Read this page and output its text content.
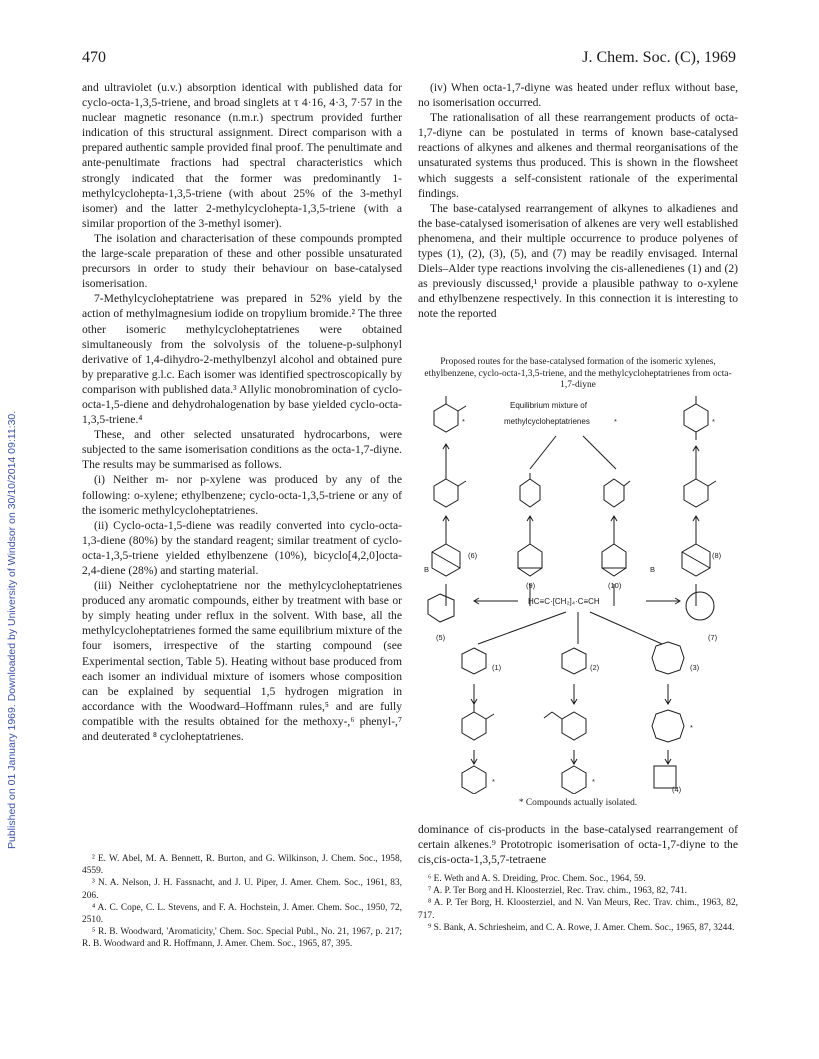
Published on 01 January 1969. Downloaded by University of Windsor on 30/10/2014 09:11:30.
470	J. Chem. Soc. (C), 1969

and ultraviolet (u.v.) absorption identical with published data for cyclo-octa-1,3,5-triene, and broad singlets at τ 4·16, 4·3, 7·57 in the nuclear magnetic resonance (n.m.r.) spectrum provided further indication of this structural assignment. Direct comparison with a prepared authentic sample provided final proof. The penultimate and ante-penultimate fractions had spectral characteristics which strongly indicated that the former was predominantly 1-methylcyclohepta-1,3,5-triene (with about 25% of the 3-methyl isomer) and the latter 2-methylcyclohepta-1,3,5-triene (with a similar proportion of the 3-methyl isomer).

The isolation and characterisation of these compounds prompted the large-scale preparation of these and other possible unsaturated precursors in order to study their behaviour on base-catalysed isomerisation.

7-Methylcycloheptatriene was prepared in 52% yield by the action of methylmagnesium iodide on tropylium bromide.² The three other isomeric methylcycloheptatrienes were obtained simultaneously from the solvolysis of the toluene-p-sulphonyl derivative of 1,4-dihydro-2-methylbenzyl alcohol and obtained pure by preparative g.l.c. Each isomer was identified spectroscopically by comparison with published data.³ Allylic monobromination of cyclo-octa-1,5-diene and dehydrohalogenation by base yielded cyclo-octa-1,3,5-triene.⁴

These, and other selected unsaturated hydrocarbons, were subjected to the same isomerisation conditions as the octa-1,7-diyne. The results may be summarised as follows.

(i) Neither m- nor p-xylene was produced by any of the following: o-xylene; ethylbenzene; cyclo-octa-1,3,5-triene or any of the isomeric methylcycloheptatrienes.

(ii) Cyclo-octa-1,5-diene was readily converted into cyclo-octa-1,3-diene (80%) by the standard reagent; similar treatment of cyclo-octa-1,3,5-triene yielded ethylbenzene (10%), bicyclo[4,2,0]octa-2,4-diene (28%) and starting material.

(iii) Neither cycloheptatriene nor the methylcycloheptatrienes produced any aromatic compounds, either by treatment with base or by simply heating under reflux in the solvent. With base, all the methylcycloheptatrienes formed the same equilibrium mixture of the four isomers, irrespective of the starting compound (see Experimental section, Table 5). Heating without base produced from each isomer an individual mixture of isomers whose composition can be explained by sequential 1,5 hydrogen migration in accordance with the Woodward–Hoffmann rules,⁵ and are fully compatible with the results obtained for the methoxy-,⁶ phenyl-,⁷ and deuterated ⁸ cycloheptatrienes.

² E. W. Abel, M. A. Bennett, R. Burton, and G. Wilkinson, J. Chem. Soc., 1958, 4559.

³ N. A. Nelson, J. H. Fassnacht, and J. U. Piper, J. Amer. Chem. Soc., 1961, 83, 206.

⁴ A. C. Cope, C. L. Stevens, and F. A. Hochstein, J. Amer. Chem. Soc., 1950, 72, 2510.

⁵ R. B. Woodward, 'Aromaticity,' Chem. Soc. Special Publ., No. 21, 1967, p. 217; R. B. Woodward and R. Hoffmann, J. Amer. Chem. Soc., 1965, 87, 395.

(iv) When octa-1,7-diyne was heated under reflux without base, no isomerisation occurred.

The rationalisation of all these rearrangement products of octa-1,7-diyne can be postulated in terms of known base-catalysed reactions of alkynes and alkenes and thermal reorganisations of the unsaturated systems thus produced. This is shown in the flowsheet which suggests a self-consistent rationale of the experimental findings.

The base-catalysed rearrangement of alkynes to alkadienes and the base-catalysed isomerisation of alkenes are very well established phenomena, and their multiple occurrence to produce polyenes of types (1), (2), (3), (5), and (7) may be readily envisaged. Internal Diels–Alder type reactions involving the cis-allenedienes (1) and (2) as previously discussed,¹ provide a plausible pathway to o-xylene and ethylbenzene respectively. In this connection it is interesting to note the reported

Proposed routes for the base-catalysed formation of the isomeric xylenes, ethylbenzene, cyclo-octa-1,3,5-triene, and the methylcycloheptatrienes from octa-1,7-diyne
*
Equilibrium mixture of
methylcycloheptatrienes	*	*
(6)
(9)	(10)
(8)
B	B
(5)
HC≡C·[CH₂]₄·C≡CH
(7)
(1)	(2)	(3)
*
*	*
(4)
* Compounds actually isolated.

dominance of cis-products in the base-catalysed rearrangement of certain alkenes.⁹ Prototropic isomerisation of octa-1,7-diyne to the cis,cis-octa-1,3,5,7-tetraene

⁶ E. Weth and A. S. Dreiding, Proc. Chem. Soc., 1964, 59.

⁷ A. P. Ter Borg and H. Kloosterziel, Rec. Trav. chim., 1963, 82, 741.

⁸ A. P. Ter Borg, H. Kloosterziel, and N. Van Meurs, Rec. Trav. chim., 1963, 82, 717.

⁹ S. Bank, A. Schriesheim, and C. A. Rowe, J. Amer. Chem. Soc., 1965, 87, 3244.
